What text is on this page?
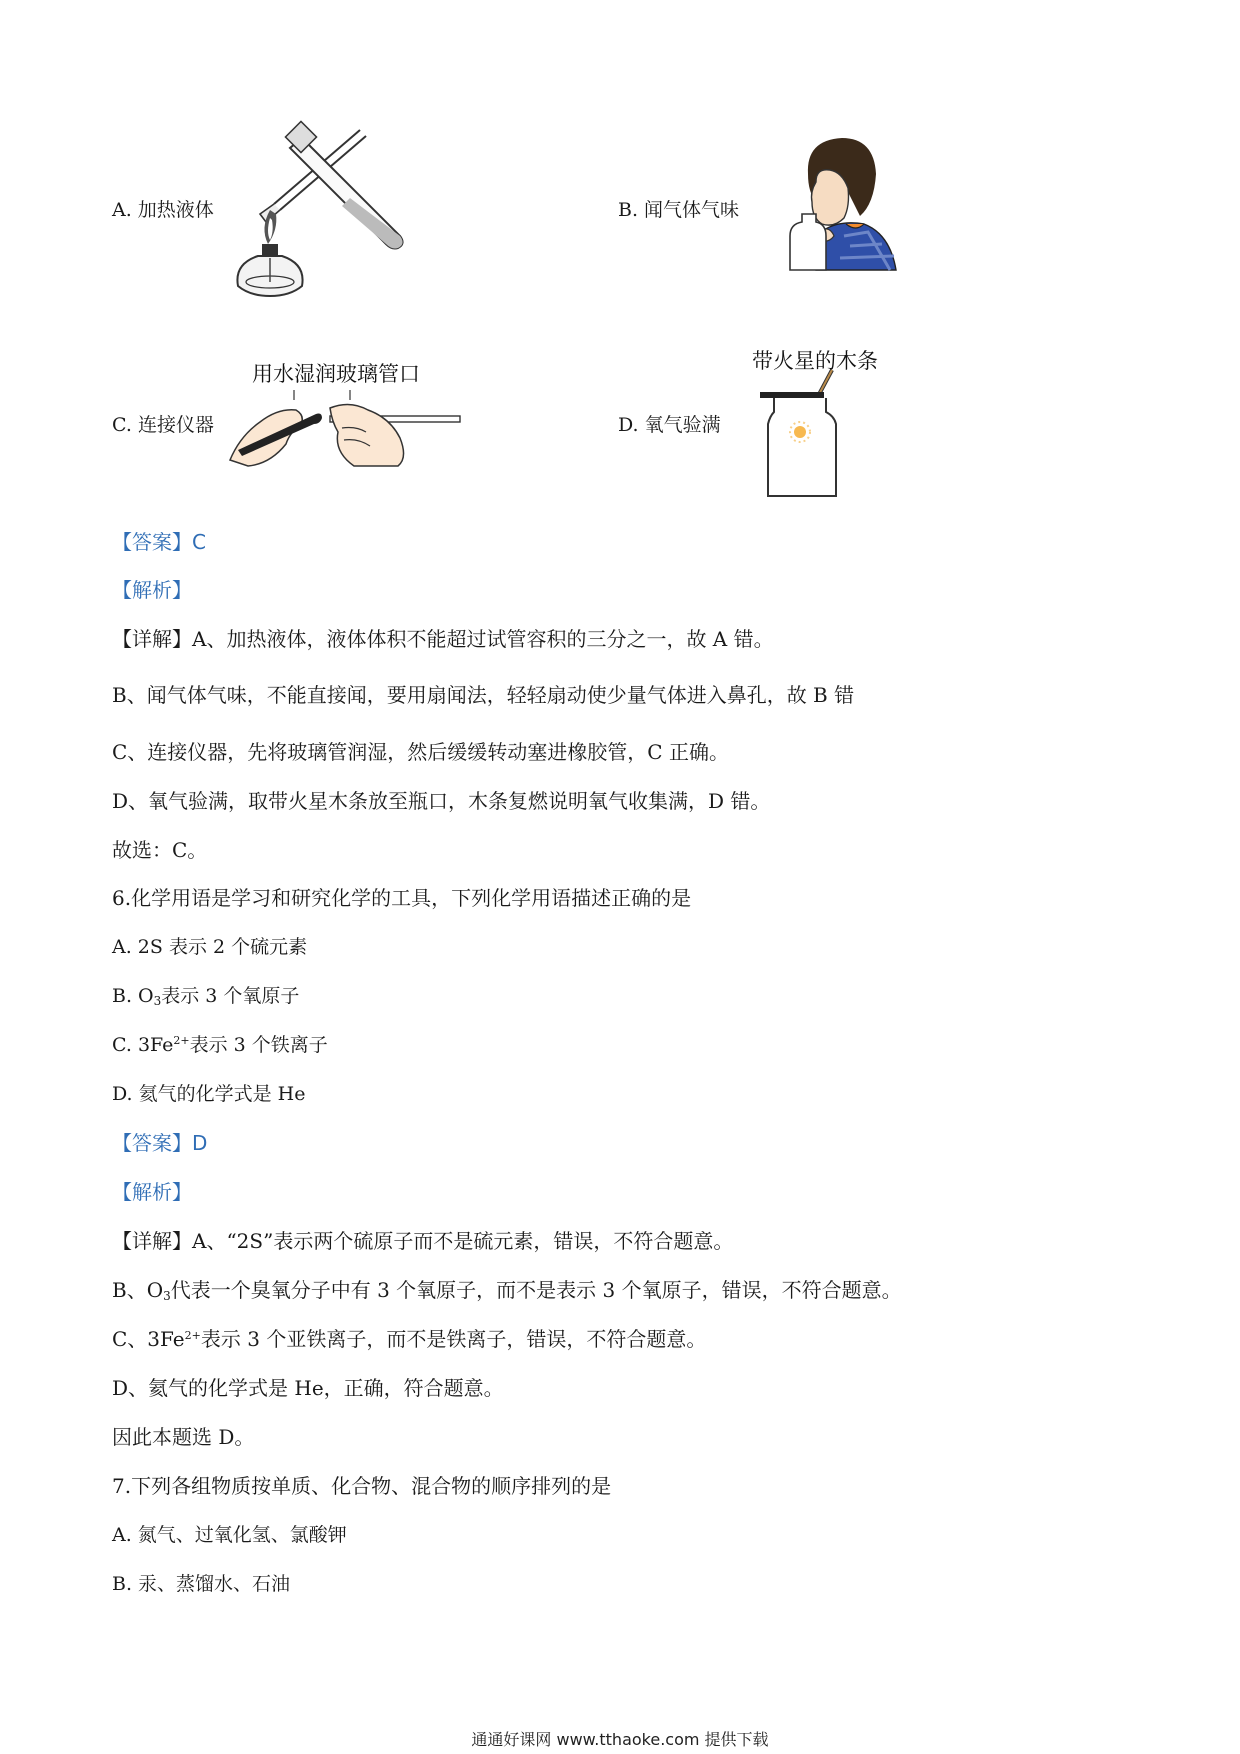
A. 加热液体	B. 闻气体气味
C. 连接仪器
用水湿润玻璃管口
D. 氧气验满
带火星的木条
【答案】C
【解析】
【详解】A、加热液体，液体体积不能超过试管容积的三分之一，故 A 错。
B、闻气体气味，不能直接闻，要用扇闻法，轻轻扇动使少量气体进入鼻孔，故 B 错
C、连接仪器，先将玻璃管润湿，然后缓缓转动塞进橡胶管，C 正确。
D、氧气验满，取带火星木条放至瓶口，木条复燃说明氧气收集满，D 错。
故选：C。
6.化学用语是学习和研究化学的工具，下列化学用语描述正确的是
A. 2S 表示 2 个硫元素
B. $O_3$表示 3 个氧原子
C. $3Fe^{2+}$表示 3 个铁离子
D. 氦气的化学式是 He
【答案】D
【解析】
【详解】A、“2S”表示两个硫原子而不是硫元素，错误，不符合题意。
B、$O_3$代表一个臭氧分子中有 3 个氧原子，而不是表示 3 个氧原子，错误，不符合题意。
C、$3Fe^{2+}$表示 3 个亚铁离子，而不是铁离子，错误，不符合题意。
D、氦气的化学式是 He，正确，符合题意。
因此本题选 D。
7.下列各组物质按单质、化合物、混合物的顺序排列的是
A. 氮气、过氧化氢、氯酸钾
B. 汞、蒸馏水、石油
通通好课网 www.tthaoke.com 提供下载
